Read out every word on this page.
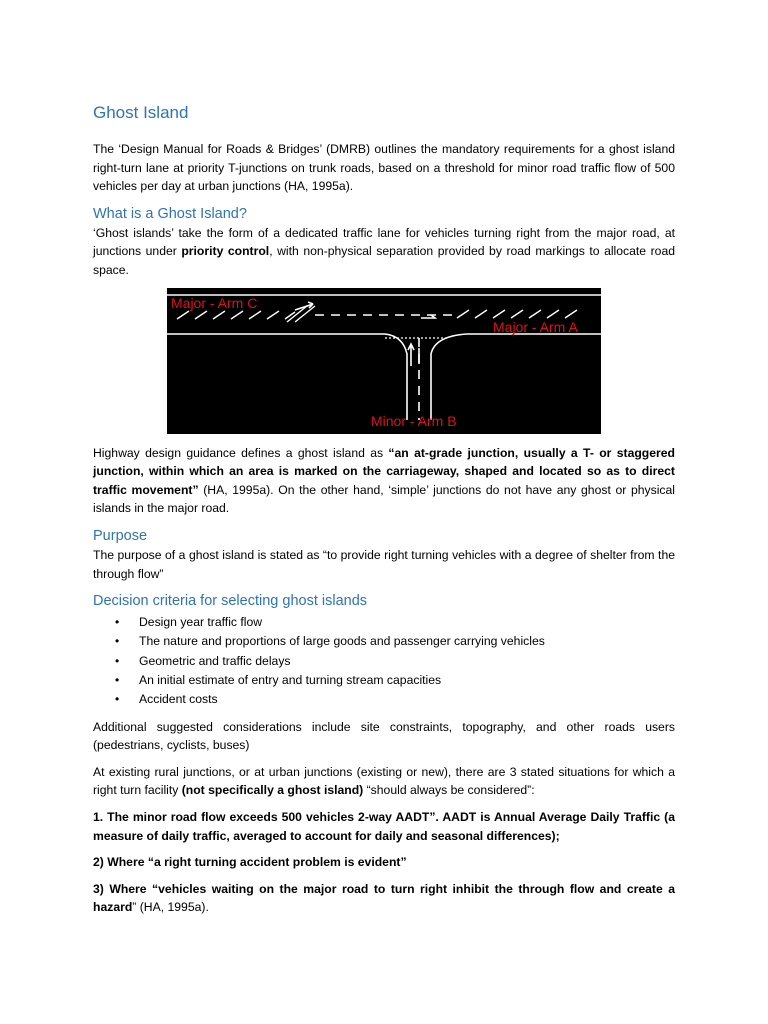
Ghost Island

The ‘Design Manual for Roads & Bridges’ (DMRB) outlines the mandatory requirements for a ghost island right-turn lane at priority T-junctions on trunk roads, based on a threshold for minor road traffic flow of 500 vehicles per day at urban junctions (HA, 1995a).

What is a Ghost Island?

‘Ghost islands’ take the form of a dedicated traffic lane for vehicles turning right from the major road, at junctions under priority control, with non-physical separation provided by road markings to allocate road space.

Major - Arm C
Major - Arm A
Minor - Arm B

Highway design guidance defines a ghost island as “an at-grade junction, usually a T- or staggered junction, within which an area is marked on the carriageway, shaped and located so as to direct traffic movement” (HA, 1995a). On the other hand, ‘simple’ junctions do not have any ghost or physical islands in the major road.

Purpose

The purpose of a ghost island is stated as “to provide right turning vehicles with a degree of shelter from the through flow”

Decision criteria for selecting ghost islands
• Design year traffic flow
• The nature and proportions of large goods and passenger carrying vehicles
• Geometric and traffic delays
• An initial estimate of entry and turning stream capacities
• Accident costs

Additional suggested considerations include site constraints, topography, and other roads users (pedestrians, cyclists, buses)

At existing rural junctions, or at urban junctions (existing or new), there are 3 stated situations for which a right turn facility (not specifically a ghost island) “should always be considered”:

1. The minor road flow exceeds 500 vehicles 2-way AADT”. AADT is Annual Average Daily Traffic (a measure of daily traffic, averaged to account for daily and seasonal differences);

2) Where “a right turning accident problem is evident”

3) Where “vehicles waiting on the major road to turn right inhibit the through flow and create a hazard” (HA, 1995a).
